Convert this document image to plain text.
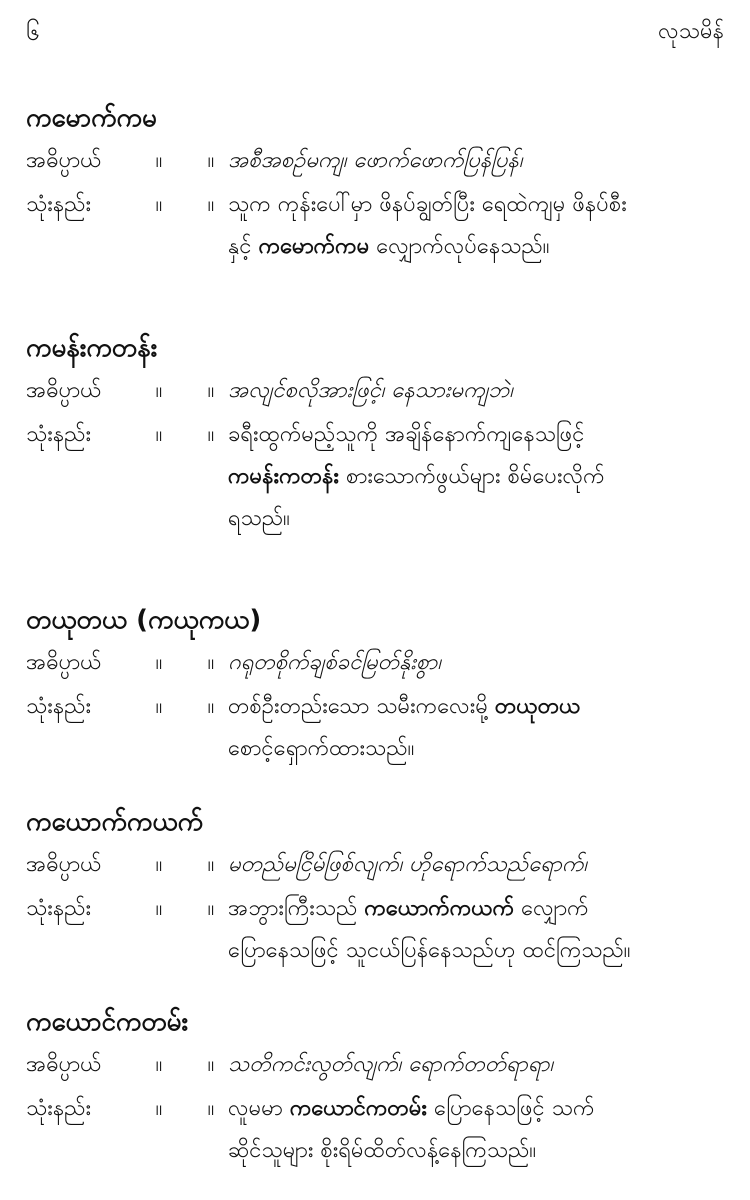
၆	လုသမိန်
ကမောက်ကမ
အဓိပ္ပာယ်	။	။ အစီအစဉ်မကျ၊ ဖောက်ဖောက်ပြန်ပြန်၊
သုံးနည်း	။	။ သူက ကုန်းပေါ်မှာ ဖိနပ်ချွတ်ပြီး ရေထဲကျမှ ဖိနပ်စီး
နှင့် ကမောက်ကမ လျှောက်လုပ်နေသည်။
ကမန်းကတန်း
အဓိပ္ပာယ်	။	။ အလျင်စလိုအားဖြင့်၊ နေသားမကျဘဲ၊
သုံးနည်း	။	။ ခရီးထွက်မည့်သူကို အချိန်နောက်ကျနေသဖြင့်
ကမန်းကတန်း စားသောက်ဖွယ်များ စိမ်ပေးလိုက်
ရသည်။
တယုတယ (ကယုကယ)
အဓိပ္ပာယ်	။	။ ဂရုတစိုက်ချစ်ခင်မြတ်နိုးစွာ၊
သုံးနည်း	။	။ တစ်ဦးတည်းသော သမီးကလေးမို့ တယုတယ
စောင့်ရှောက်ထားသည်။
ကယောက်ကယက်
အဓိပ္ပာယ်	။	။ မတည်မငြိမ်ဖြစ်လျက်၊ ဟိုရောက်သည်ရောက်၊
သုံးနည်း	။	။ အဘွားကြီးသည် ကယောက်ကယက် လျှောက်
ပြောနေသဖြင့် သူငယ်ပြန်နေသည်ဟု ထင်ကြသည်။
ကယောင်ကတမ်း
အဓိပ္ပာယ်	။	။ သတိကင်းလွတ်လျက်၊ ရောက်တတ်ရာရာ၊
သုံးနည်း	။	။ လူမမာ ကယောင်ကတမ်း ပြောနေသဖြင့် သက်
ဆိုင်သူများ စိုးရိမ်ထိတ်လန့်နေကြသည်။
